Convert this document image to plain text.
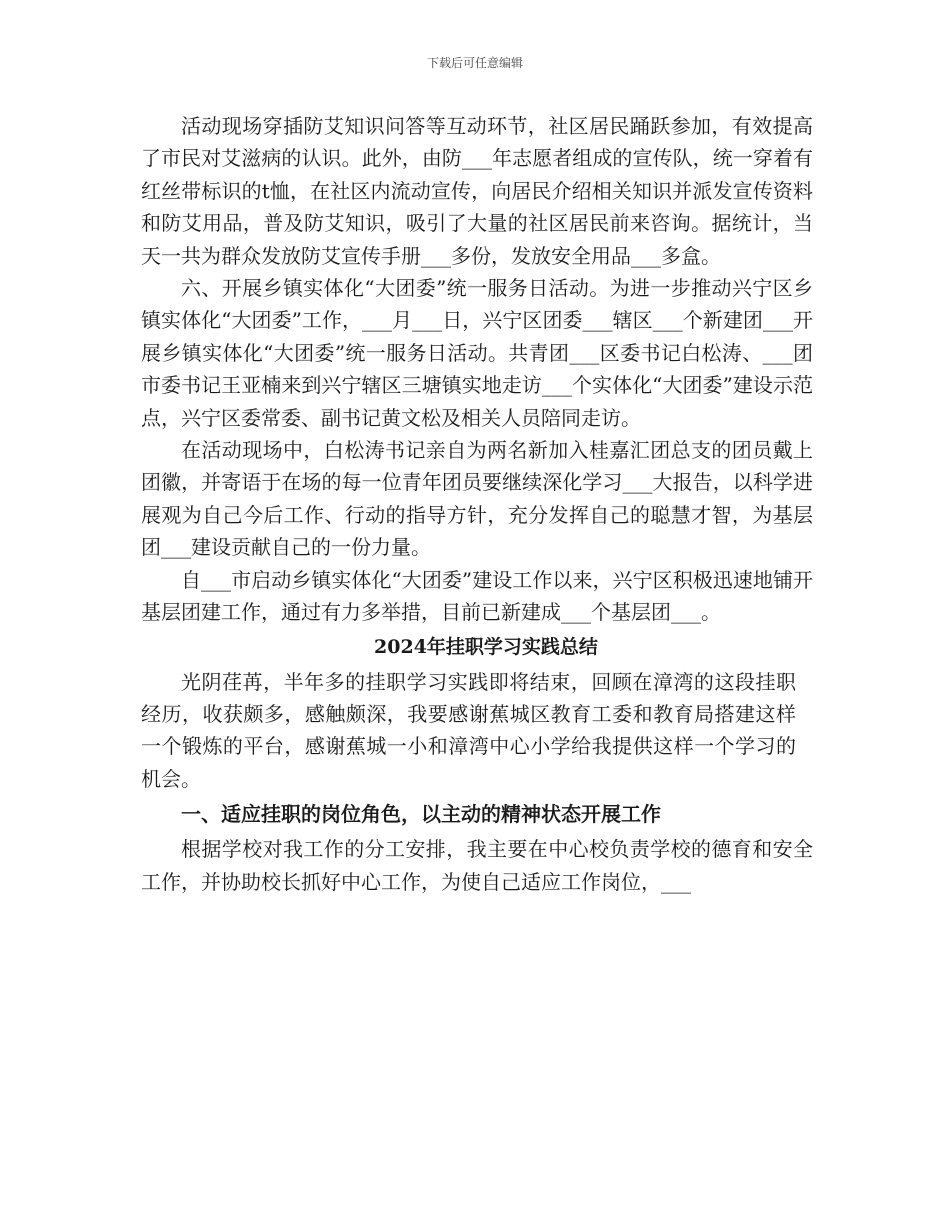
下载后可任意编辑

活动现场穿插防艾知识问答等互动环节，社区居民踊跃参加，有效提高了市民对艾滋病的认识。此外，由防___年志愿者组成的宣传队，统一穿着有红丝带标识的t恤，在社区内流动宣传，向居民介绍相关知识并派发宣传资料和防艾用品，普及防艾知识，吸引了大量的社区居民前来咨询。据统计，当天一共为群众发放防艾宣传手册___多份，发放安全用品___多盒。

六、开展乡镇实体化“大团委”统一服务日活动。为进一步推动兴宁区乡镇实体化“大团委”工作，___月___日，兴宁区团委___辖区___个新建团___开展乡镇实体化“大团委”统一服务日活动。共青团___区委书记白松涛、___团市委书记王亚楠来到兴宁辖区三塘镇实地走访___个实体化“大团委”建设示范点，兴宁区委常委、副书记黄文松及相关人员陪同走访。

在活动现场中，白松涛书记亲自为两名新加入桂嘉汇团总支的团员戴上团徽，并寄语于在场的每一位青年团员要继续深化学习___大报告，以科学进展观为自己今后工作、行动的指导方针，充分发挥自己的聪慧才智，为基层团___建设贡献自己的一份力量。

自___市启动乡镇实体化“大团委”建设工作以来，兴宁区积极迅速地铺开基层团建工作，通过有力多举措，目前已新建成___个基层团___。

2024年挂职学习实践总结

光阴荏苒，半年多的挂职学习实践即将结束，回顾在漳湾的这段挂职经历，收获颇多，感触颇深，我要感谢蕉城区教育工委和教育局搭建这样一个锻炼的平台，感谢蕉城一小和漳湾中心小学给我提供这样一个学习的机会。

一、适应挂职的岗位角色，以主动的精神状态开展工作

根据学校对我工作的分工安排，我主要在中心校负责学校的德育和安全工作，并协助校长抓好中心工作，为使自己适应工作岗位，___
